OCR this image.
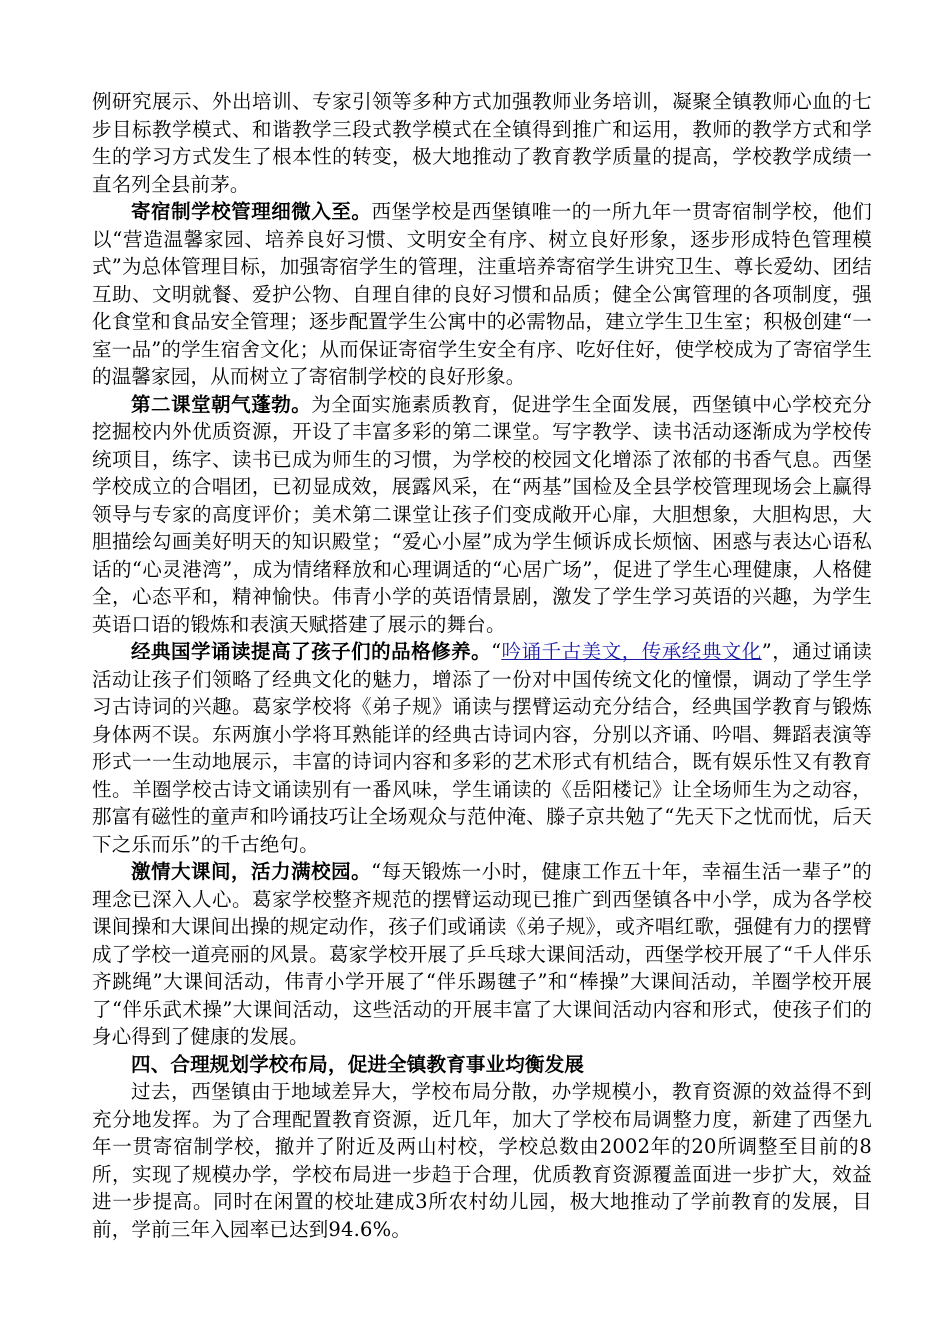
例研究展示、外出培训、专家引领等多种方式加强教师业务培训，凝聚全镇教师心血的七步目标教学模式、和谐教学三段式教学模式在全镇得到推广和运用，教师的教学方式和学生的学习方式发生了根本性的转变，极大地推动了教育教学质量的提高，学校教学成绩一直名列全县前茅。

寄宿制学校管理细微入至。西堡学校是西堡镇唯一的一所九年一贯寄宿制学校，他们以“营造温馨家园、培养良好习惯、文明安全有序、树立良好形象，逐步形成特色管理模式”为总体管理目标，加强寄宿学生的管理，注重培养寄宿学生讲究卫生、尊长爱幼、团结互助、文明就餐、爱护公物、自理自律的良好习惯和品质；健全公寓管理的各项制度，强化食堂和食品安全管理；逐步配置学生公寓中的必需物品，建立学生卫生室；积极创建“一室一品”的学生宿舍文化；从而保证寄宿学生安全有序、吃好住好，使学校成为了寄宿学生的温馨家园，从而树立了寄宿制学校的良好形象。

第二课堂朝气蓬勃。为全面实施素质教育，促进学生全面发展，西堡镇中心学校充分挖掘校内外优质资源，开设了丰富多彩的第二课堂。写字教学、读书活动逐渐成为学校传统项目，练字、读书已成为师生的习惯，为学校的校园文化增添了浓郁的书香气息。西堡学校成立的合唱团，已初显成效，展露风采，在“两基”国检及全县学校管理现场会上赢得领导与专家的高度评价；美术第二课堂让孩子们变成敞开心扉，大胆想象，大胆构思，大胆描绘勾画美好明天的知识殿堂；“爱心小屋”成为学生倾诉成长烦恼、困惑与表达心语私话的“心灵港湾”，成为情绪释放和心理调适的“心居广场”，促进了学生心理健康，人格健全，心态平和，精神愉快。伟青小学的英语情景剧，激发了学生学习英语的兴趣，为学生英语口语的锻炼和表演天赋搭建了展示的舞台。

经典国学诵读提高了孩子们的品格修养。“吟诵千古美文，传承经典文化”，通过诵读活动让孩子们领略了经典文化的魅力，增添了一份对中国传统文化的憧憬，调动了学生学习古诗词的兴趣。葛家学校将《弟子规》诵读与摆臂运动充分结合，经典国学教育与锻炼身体两不误。东两旗小学将耳熟能详的经典古诗词内容，分别以齐诵、吟唱、舞蹈表演等形式一一生动地展示，丰富的诗词内容和多彩的艺术形式有机结合，既有娱乐性又有教育性。羊圈学校古诗文诵读别有一番风味，学生诵读的《岳阳楼记》让全场师生为之动容，那富有磁性的童声和吟诵技巧让全场观众与范仲淹、滕子京共勉了“先天下之忧而忧，后天下之乐而乐”的千古绝句。

激情大课间，活力满校园。“每天锻炼一小时，健康工作五十年，幸福生活一辈子”的理念已深入人心。葛家学校整齐规范的摆臂运动现已推广到西堡镇各中小学，成为各学校课间操和大课间出操的规定动作，孩子们或诵读《弟子规》，或齐唱红歌，强健有力的摆臂成了学校一道亮丽的风景。葛家学校开展了乒乓球大课间活动，西堡学校开展了“千人伴乐齐跳绳”大课间活动，伟青小学开展了“伴乐踢毽子”和“棒操”大课间活动，羊圈学校开展了“伴乐武术操”大课间活动，这些活动的开展丰富了大课间活动内容和形式，使孩子们的身心得到了健康的发展。

四、合理规划学校布局，促进全镇教育事业均衡发展

过去，西堡镇由于地域差异大，学校布局分散，办学规模小，教育资源的效益得不到充分地发挥。为了合理配置教育资源，近几年，加大了学校布局调整力度，新建了西堡九年一贯寄宿制学校，撤并了附近及两山村校，学校总数由2002年的20所调整至目前的8所，实现了规模办学，学校布局进一步趋于合理，优质教育资源覆盖面进一步扩大，效益进一步提高。同时在闲置的校址建成3所农村幼儿园，极大地推动了学前教育的发展，目前，学前三年入园率已达到94.6%。
